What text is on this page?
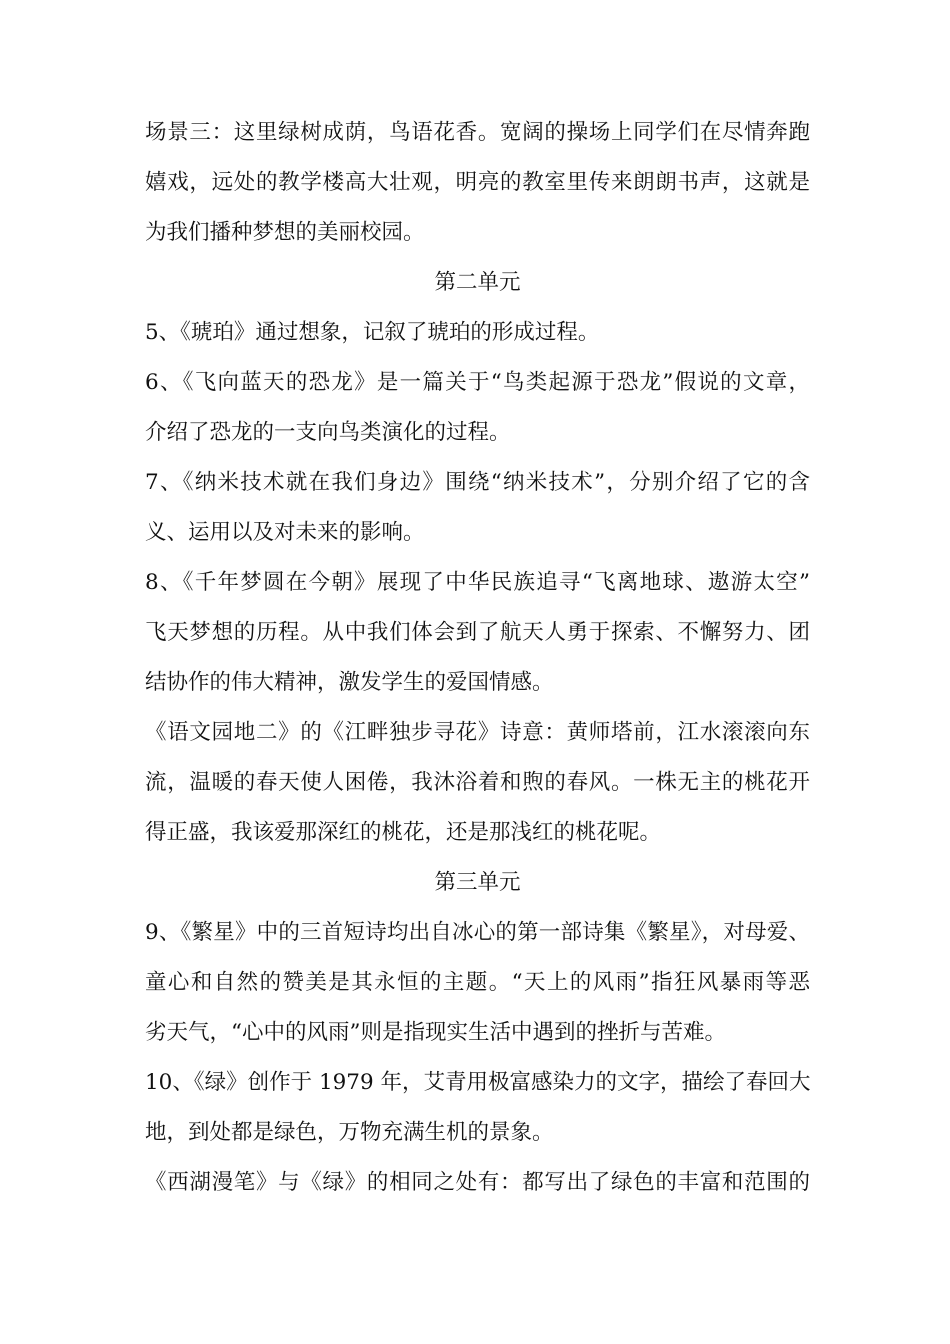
场景三：这里绿树成荫，鸟语花香。宽阔的操场上同学们在尽情奔跑
嬉戏，远处的教学楼高大壮观，明亮的教室里传来朗朗书声，这就是
为我们播种梦想的美丽校园。
第二单元
5、《琥珀》通过想象，记叙了琥珀的形成过程。
6、《飞向蓝天的恐龙》是一篇关于“鸟类起源于恐龙”假说的文章，
介绍了恐龙的一支向鸟类演化的过程。
7、《纳米技术就在我们身边》围绕“纳米技术”，分别介绍了它的含
义、运用以及对未来的影响。
8、《千年梦圆在今朝》展现了中华民族追寻“飞离地球、遨游太空”
飞天梦想的历程。从中我们体会到了航天人勇于探索、不懈努力、团
结协作的伟大精神，激发学生的爱国情感。
《语文园地二》的《江畔独步寻花》诗意：黄师塔前，江水滚滚向东
流，温暖的春天使人困倦，我沐浴着和煦的春风。一株无主的桃花开
得正盛，我该爱那深红的桃花，还是那浅红的桃花呢。
第三单元
9、《繁星》中的三首短诗均出自冰心的第一部诗集《繁星》，对母爱、
童心和自然的赞美是其永恒的主题。“天上的风雨”指狂风暴雨等恶
劣天气，“心中的风雨”则是指现实生活中遇到的挫折与苦难。
10、《绿》创作于 1979 年，艾青用极富感染力的文字，描绘了春回大
地，到处都是绿色，万物充满生机的景象。
《西湖漫笔》与《绿》的相同之处有：都写出了绿色的丰富和范围的
